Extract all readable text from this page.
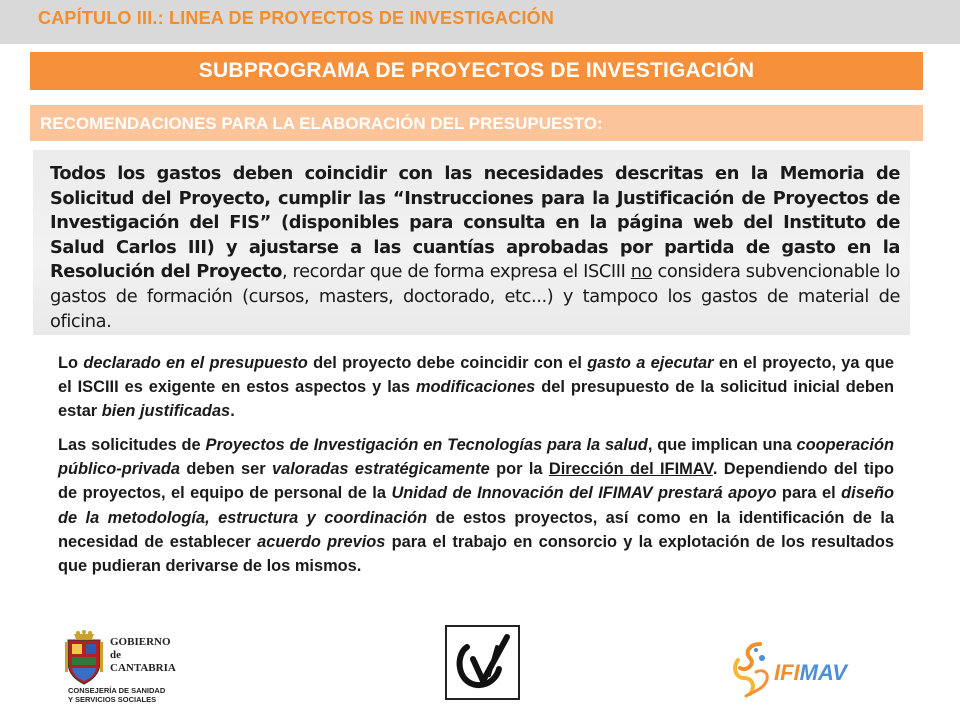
CAPÍTULO III.: LINEA DE PROYECTOS DE INVESTIGACIÓN
SUBPROGRAMA DE PROYECTOS DE INVESTIGACIÓN
RECOMENDACIONES PARA LA ELABORACIÓN DEL PRESUPUESTO:

Todos los gastos deben coincidir con las necesidades descritas en la Memoria de Solicitud del Proyecto, cumplir las “Instrucciones para la Justificación de Proyectos de Investigación del FIS” (disponibles para consulta en la página web del Instituto de Salud Carlos III) y ajustarse a las cuantías aprobadas por partida de gasto en la Resolución del Proyecto, recordar que de forma expresa el ISCIII no considera subvencionable lo gastos de formación (cursos, masters, doctorado, etc...) y tampoco los gastos de material de oficina.

Lo declarado en el presupuesto del proyecto debe coincidir con el gasto a ejecutar en el proyecto, ya que el ISCIII es exigente en estos aspectos y las modificaciones del presupuesto de la solicitud inicial deben estar bien justificadas.

Las solicitudes de Proyectos de Investigación en Tecnologías para la salud, que implican una cooperación público-privada deben ser valoradas estratégicamente por la Dirección del IFIMAV. Dependiendo del tipo de proyectos, el equipo de personal de la Unidad de Innovación del IFIMAV prestará apoyo para el diseño de la metodología, estructura y coordinación de estos proyectos, así como en la identificación de la necesidad de establecer acuerdo previos para el trabajo en consorcio y la explotación de los resultados que pudieran derivarse de los mismos.

GOBIERNO
de
CANTABRIA
CONSEJERÍA DE SANIDAD
Y SERVICIOS SOCIALES
IFIMAV
